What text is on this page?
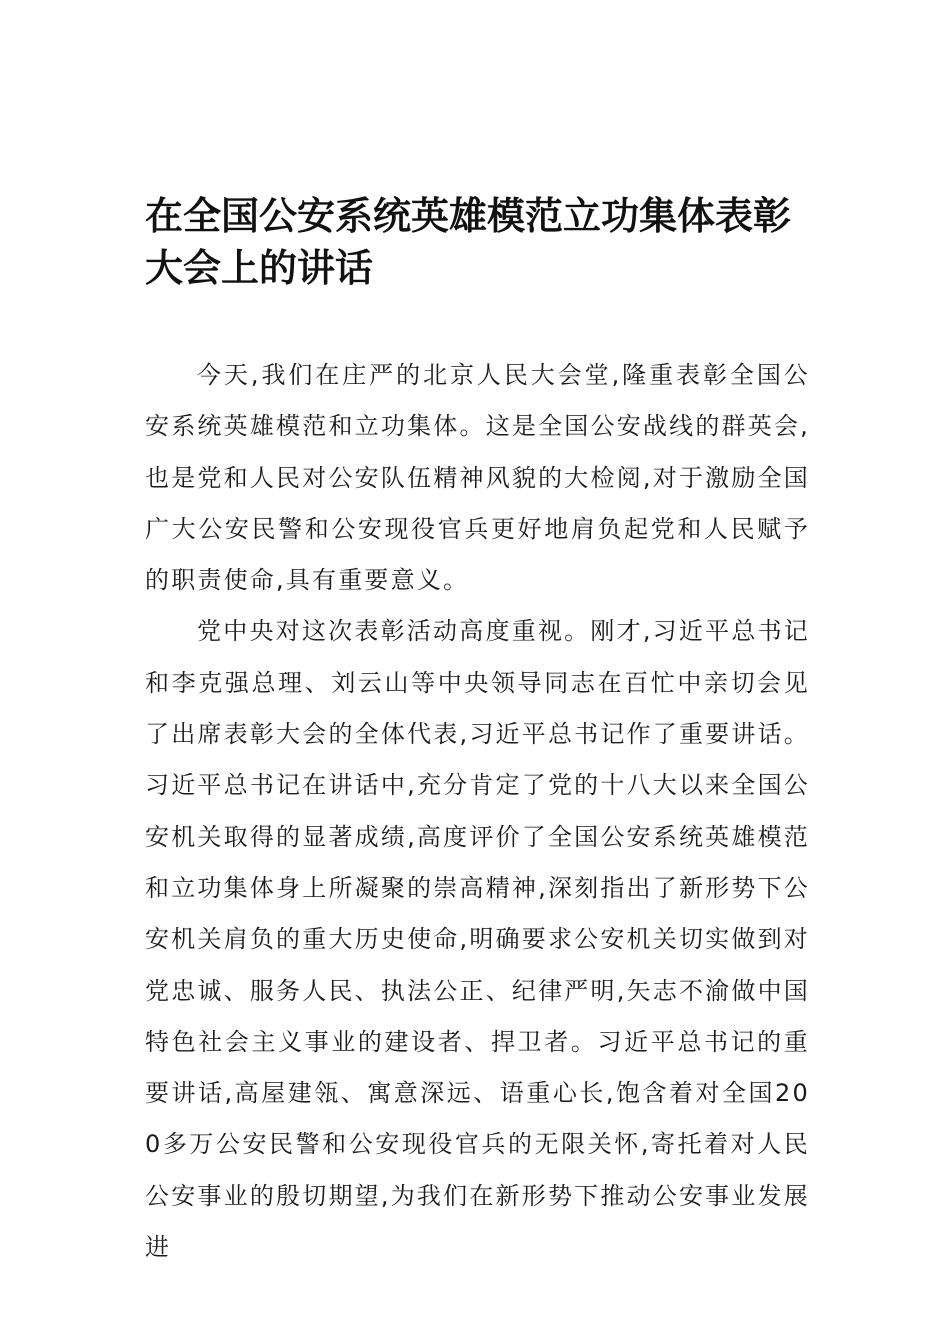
在全国公安系统英雄模范立功集体表彰大会上的讲话

今天,我们在庄严的北京人民大会堂,隆重表彰全国公安系统英雄模范和立功集体。这是全国公安战线的群英会,也是党和人民对公安队伍精神风貌的大检阅,对于激励全国广大公安民警和公安现役官兵更好地肩负起党和人民赋予的职责使命,具有重要意义。

党中央对这次表彰活动高度重视。刚才,习近平总书记和李克强总理、刘云山等中央领导同志在百忙中亲切会见了出席表彰大会的全体代表,习近平总书记作了重要讲话。习近平总书记在讲话中,充分肯定了党的十八大以来全国公安机关取得的显著成绩,高度评价了全国公安系统英雄模范和立功集体身上所凝聚的崇高精神,深刻指出了新形势下公安机关肩负的重大历史使命,明确要求公安机关切实做到对党忠诚、服务人民、执法公正、纪律严明,矢志不渝做中国特色社会主义事业的建设者、捍卫者。习近平总书记的重要讲话,高屋建瓴、寓意深远、语重心长,饱含着对全国200多万公安民警和公安现役官兵的无限关怀,寄托着对人民公安事业的殷切期望,为我们在新形势下推动公安事业发展进
